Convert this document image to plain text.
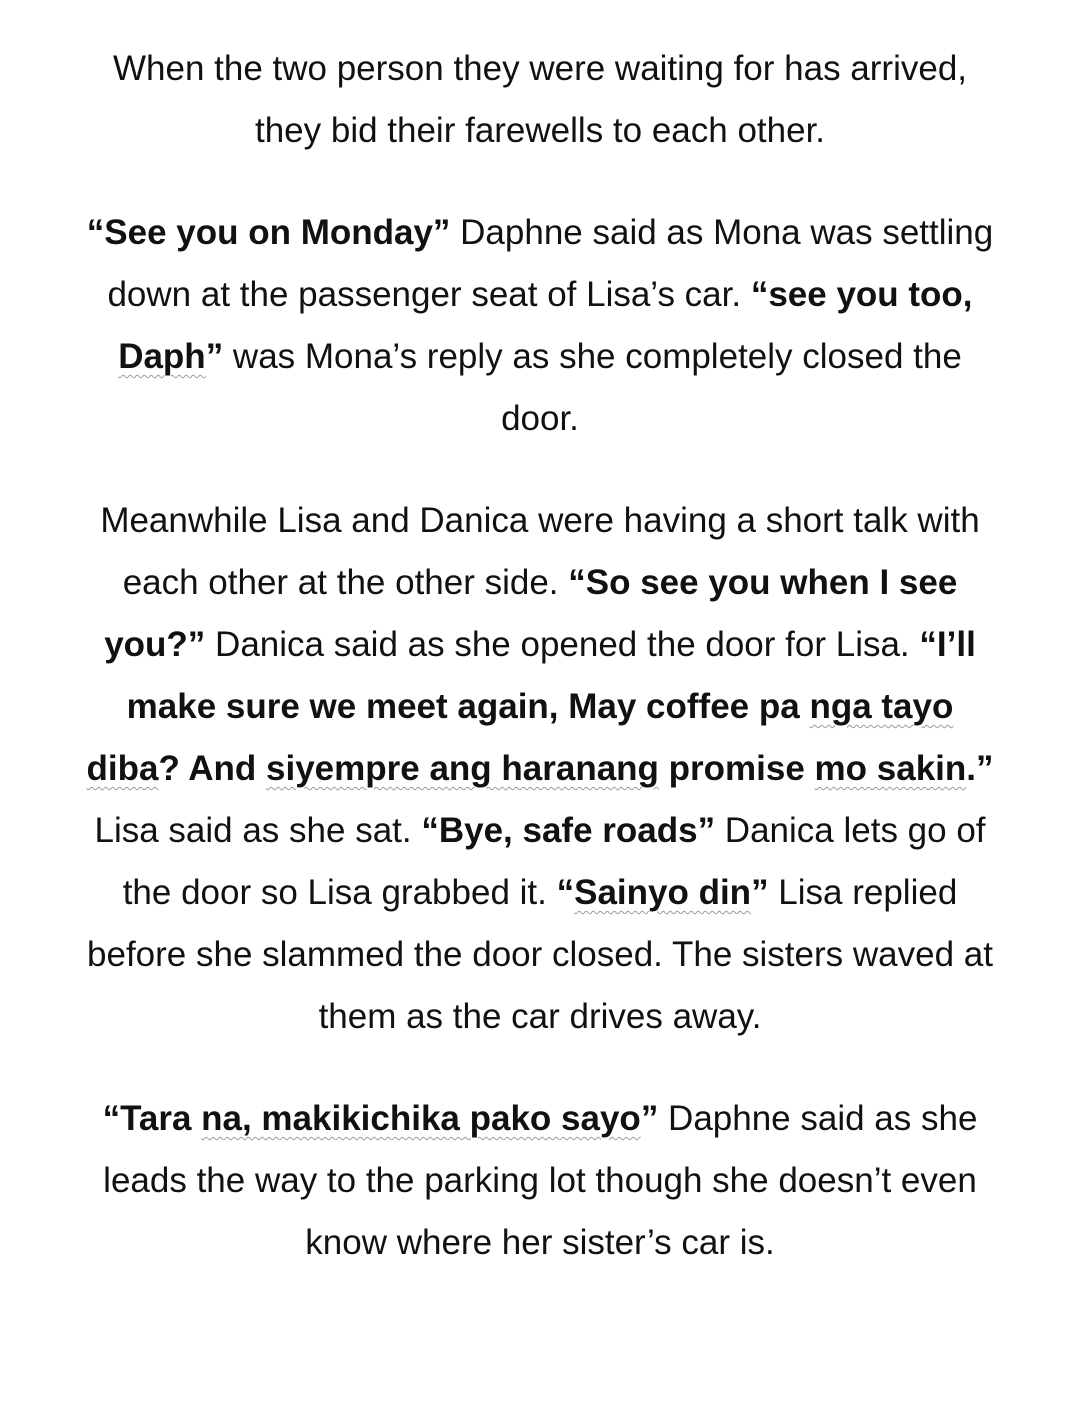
When the two person they were waiting for has arrived, they bid their farewells to each other.

“See you on Monday” Daphne said as Mona was settling down at the passenger seat of Lisa’s car. “see you too, Daph” was Mona’s reply as she completely closed the door.

Meanwhile Lisa and Danica were having a short talk with each other at the other side. “So see you when I see you?” Danica said as she opened the door for Lisa. “I’ll make sure we meet again, May coffee pa nga tayo diba? And siyempre ang haranang promise mo sakin.” Lisa said as she sat. “Bye, safe roads” Danica lets go of the door so Lisa grabbed it. “Sainyo din” Lisa replied before she slammed the door closed. The sisters waved at them as the car drives away.

“Tara na, makikichika pako sayo” Daphne said as she leads the way to the parking lot though she doesn’t even know where her sister’s car is.
